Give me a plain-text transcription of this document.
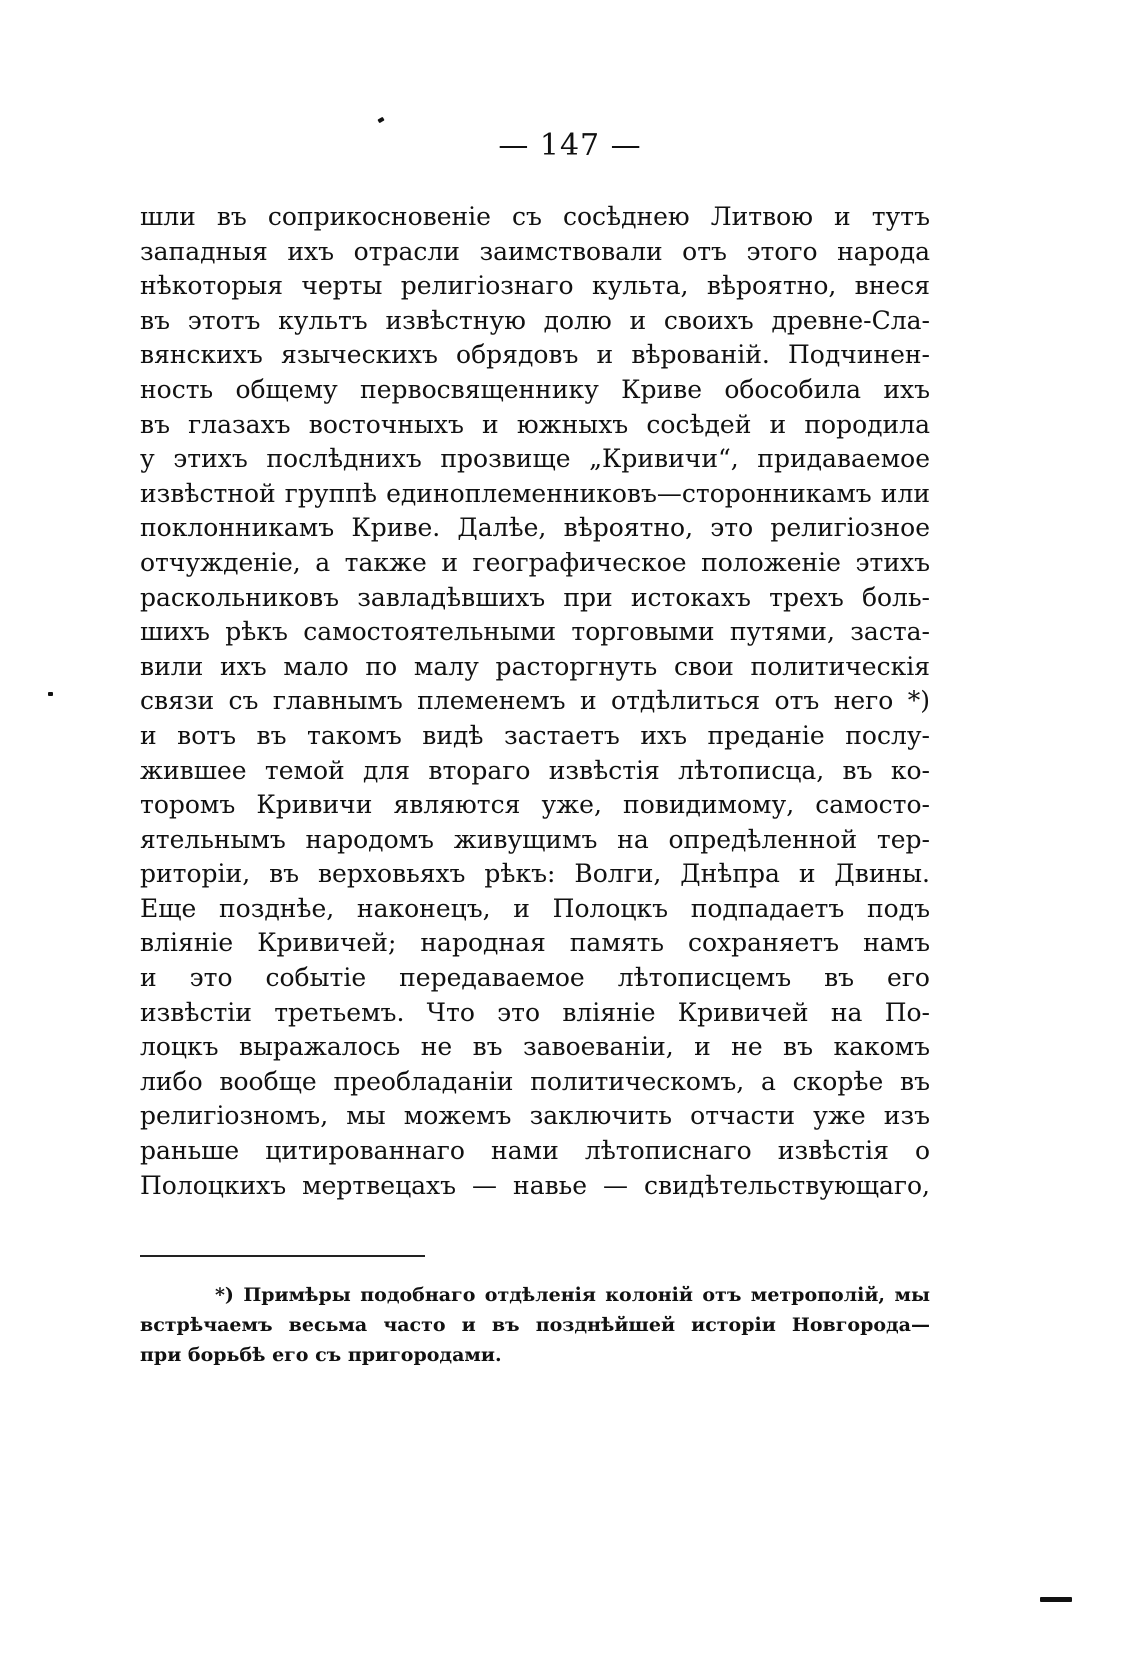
— 147 —
шли въ соприкосновеніе съ сосѣднею Литвою и тутъ
западныя ихъ отрасли заимствовали отъ этого народа
нѣкоторыя черты религіознаго культа, вѣроятно, внеся
въ этотъ культъ извѣстную долю и своихъ древне-Сла-
вянскихъ языческихъ обрядовъ и вѣрованій. Подчинен-
ность общему первосвященнику Криве обособила ихъ
въ глазахъ восточныхъ и южныхъ сосѣдей и породила
у этихъ послѣднихъ прозвище „Кривичи“, придаваемое
извѣстной группѣ единоплеменниковъ—сторонникамъ или
поклонникамъ Криве. Далѣе, вѣроятно, это религіозное
отчужденіе, а также и географическое положеніе этихъ
раскольниковъ завладѣвшихъ при истокахъ трехъ боль-
шихъ рѣкъ самостоятельными торговыми путями, заста-
вили ихъ мало по малу расторгнуть свои политическія
связи съ главнымъ племенемъ и отдѣлиться отъ него *)
и вотъ въ такомъ видѣ застаетъ ихъ преданіе послу-
жившее темой для втораго извѣстія лѣтописца, въ ко-
торомъ Кривичи являются уже, повидимому, самосто-
ятельнымъ народомъ живущимъ на опредѣленной тер-
риторіи, въ верховьяхъ рѣкъ: Волги, Днѣпра и Двины.
Еще позднѣе, наконецъ, и Полоцкъ подпадаетъ подъ
вліяніе Кривичей; народная память сохраняетъ намъ
и это событіе передаваемое лѣтописцемъ въ его
извѣстіи третьемъ. Что это вліяніе Кривичей на По-
лоцкъ выражалось не въ завоеваніи, и не въ какомъ
либо вообще преобладаніи политическомъ, а скорѣе въ
религіозномъ, мы можемъ заключить отчасти уже изъ
раньше цитированнаго нами лѣтописнаго извѣстія о
Полоцкихъ мертвецахъ — навье — свидѣтельствующаго,
*) Примѣры подобнаго отдѣленія колоній отъ метрополій, мы
встрѣчаемъ весьма часто и въ позднѣйшей исторіи Новгорода—
при борьбѣ его съ пригородами.
